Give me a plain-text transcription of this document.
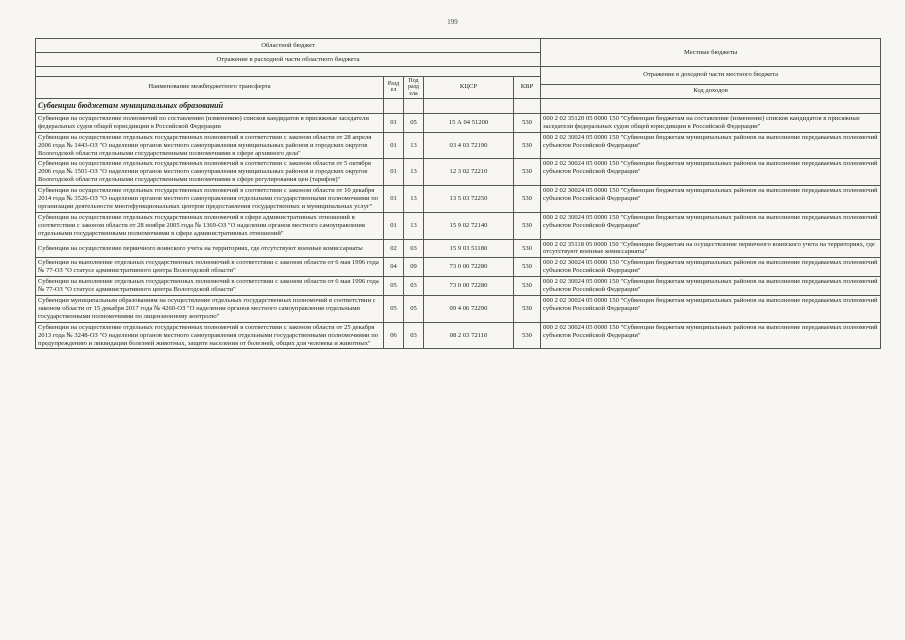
199
Областной бюджет					Местные бюджеты
Отражение в расходной части областного бюджета					
					Отражение в доходной части местного бюджета
Наименование межбюджетного трансферта	Разд ел	Под разд ела	КЦСР	КВР	
					Код доходов
Субвенции бюджетам муниципальных образований					
Субвенции на осуществление полномочий по составлению (изменению) списков кандидатов в присяжные заседатели федеральных судов общей юрисдикции в Российской Федерации	01	05	15 А 04 51200	530	000 2 02 35120 05 0000 150 "Субвенции бюджетам на составление (изменение) списков кандидатов в присяжные заседатели федеральных судов общей юрисдикции в Российской Федерации"
Субвенции на осуществление отдельных государственных полномочий в соответствии с законом области от 28 апреля 2006 года № 1443-ОЗ "О наделении органов местного самоуправления муниципальных районов и городских округов Вологодской области отдельными государственными полномочиями в сфере архивного дела"	01	13	03 4 03 72190	530	000 2 02 30024 05 0000 150 "Субвенции бюджетам муниципальных районов на выполнение передаваемых полномочий субъектов Российской Федерации"
Субвенции на осуществление отдельных государственных полномочий в соответствии с законом области от 5 октября 2006 года № 1501-ОЗ "О наделении органов местного самоуправления муниципальных районов и городских округов Вологодской области отдельными государственными полномочиями в сфере регулирования цен (тарифов)"	01	13	12 3 02 72210	530	000 2 02 30024 05 0000 150 "Субвенции бюджетам муниципальных районов на выполнение передаваемых полномочий субъектов Российской Федерации"
Субвенции на осуществление отдельных государственных полномочий в соответствии с законом области от 10 декабря 2014 года № 3526-ОЗ "О наделении органов местного самоуправления отдельными государственными полномочиями по организации деятельности многофункциональных центров предоставления государственных и муниципальных услуг"	01	13	13 5 03 72250	530	000 2 02 30024 05 0000 150 "Субвенции бюджетам муниципальных районов на выполнение передаваемых полномочий субъектов Российской Федерации"
Субвенции на осуществление отдельных государственных полномочий в сфере административных отношений в соответствии с законом области от 28 ноября 2005 года № 1369-ОЗ "О наделении органов местного самоуправления отдельными государственными полномочиями в сфере административных отношений"	01	13	15 9 02 72140	530	000 2 02 30024 05 0000 150 "Субвенции бюджетам муниципальных районов на выполнение передаваемых полномочий субъектов Российской Федерации"
Субвенции на осуществление первичного воинского учета на территориях, где отсутствуют военные комиссариаты	02	03	15 9 03 51180	530	000 2 02 35118 05 0000 150 "Субвенции бюджетам на осуществление первичного воинского учета на территориях, где отсутствуют военные комиссариаты"
Субвенции на выполнение отдельных государственных полномочий в соответствии с законом области от 6 мая 1996 года № 77-ОЗ "О статусе административного центра Вологодской области"	04	09	73 0 00 72280	530	000 2 02 30024 05 0000 150 "Субвенции бюджетам муниципальных районов на выполнение передаваемых полномочий субъектов Российской Федерации"
Субвенции на выполнение отдельных государственных полномочий в соответствии с законом области от 6 мая 1996 года № 77-ОЗ "О статусе административного центра Вологодской области"	05	03	73 0 00 72280	530	000 2 02 30024 05 0000 150 "Субвенции бюджетам муниципальных районов на выполнение передаваемых полномочий субъектов Российской Федерации"
Субвенции муниципальным образованиям на осуществление отдельных государственных полномочий в соответствии с законом области от 15 декабря 2017 года № 4260-ОЗ "О наделении органов местного самоуправления отдельными государственными полномочиями по лицензионному контролю"	05	05	09 4 06 72290	530	000 2 02 30024 05 0000 150 "Субвенции бюджетам муниципальных районов на выполнение передаваемых полномочий субъектов Российской Федерации"
Субвенции на осуществление отдельных государственных полномочий в соответствии с законом области от 25 декабря 2013 года № 3248-ОЗ "О наделении органов местного самоуправления отдельными государственными полномочиями по предупреждению и ликвидации болезней животных, защите населения от болезней, общих для человека и животных"	06	03	08 2 03 72110	530	000 2 02 30024 05 0000 150 "Субвенции бюджетам муниципальных районов на выполнение передаваемых полномочий субъектов Российской Федерации"
